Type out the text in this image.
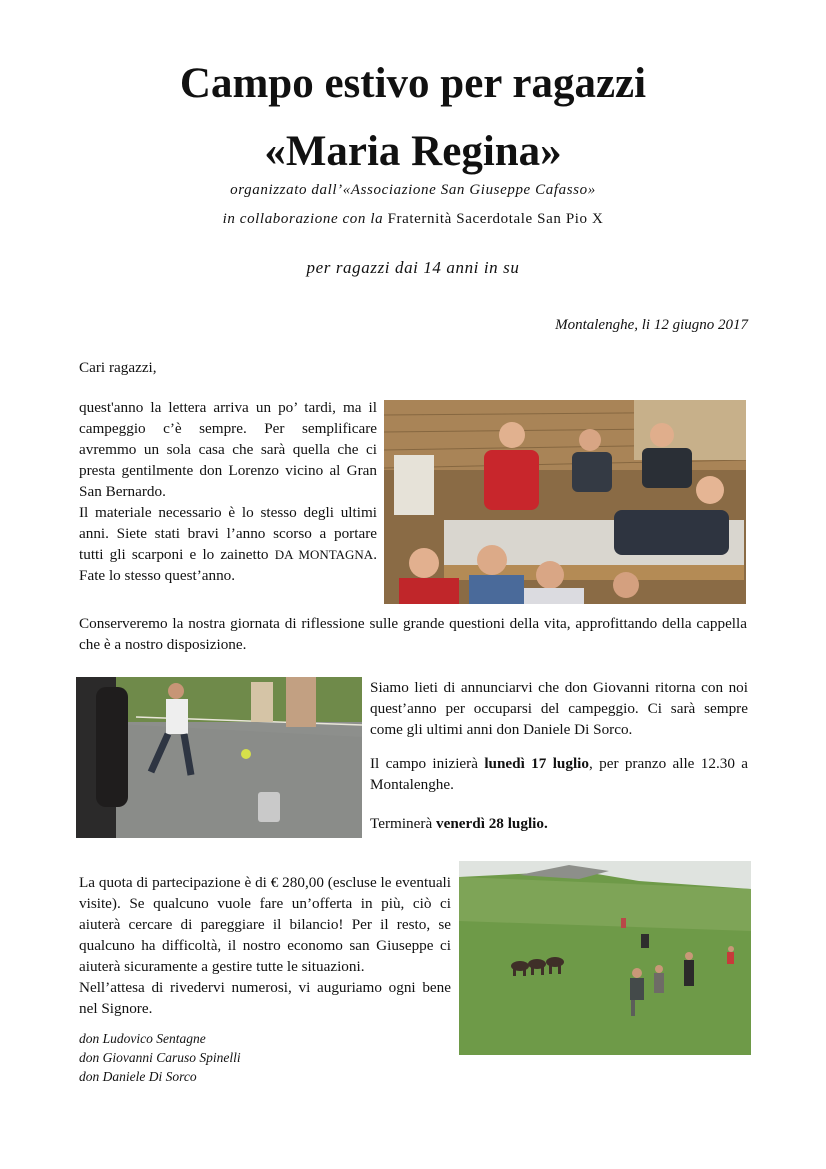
Campo estivo per ragazzi
«Maria Regina»
organizzato dall’«Associazione San Giuseppe Cafasso»
in collaborazione con la Fraternità Sacerdotale San Pio X
per ragazzi dai 14 anni in su
Montalenghe, li 12 giugno 2017
Cari ragazzi,
quest'anno la lettera arriva un po’ tardi, ma il campeggio c’è sempre. Per semplificare avremmo un sola casa che sarà quella che ci presta gentilmente don Lorenzo vicino al Gran San Bernardo.
Il materiale necessario è lo stesso degli ultimi anni. Siete stati bravi l’anno scorso a portare tutti gli scarponi e lo zainetto DA MONTAGNA. Fate lo stesso quest’anno.
Conserveremo la nostra giornata di riflessione sulle grande questioni della vita, approfittando della cappella che è a nostro disposizione.
Siamo lieti di annunciarvi che don Giovanni ritorna con noi quest’anno per occuparsi del campeggio. Ci sarà sempre come gli ultimi anni don Daniele Di Sorco.
Il campo inizierà lunedì 17 luglio, per pranzo alle 12.30 a Montalenghe.
Terminerà venerdì 28 luglio.
La quota di partecipazione è di € 280,00 (escluse le eventuali visite). Se qualcuno vuole fare un’offerta in più, ciò ci aiuterà cercare di pareggiare il bilancio! Per il resto, se qualcuno ha difficoltà, il nostro economo san Giuseppe ci aiuterà sicuramente a gestire tutte le situazioni.
Nell’attesa di rivedervi numerosi, vi auguriamo ogni bene nel Signore.
don Ludovico Sentagne
don Giovanni Caruso Spinelli
don Daniele Di Sorco
